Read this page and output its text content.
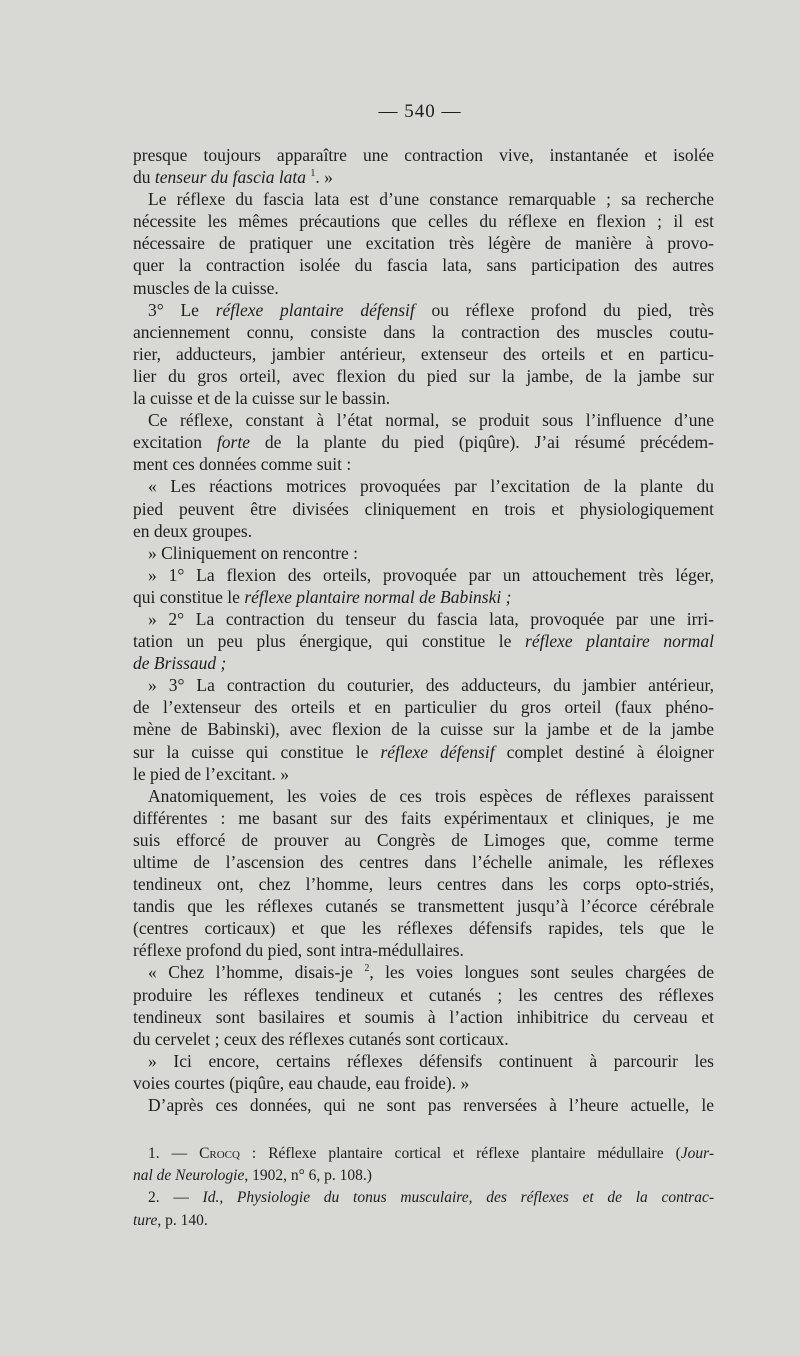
— 540 —
presque toujours apparaître une contraction vive, instantanée et isolée
du tenseur du fascia lata $^1$. »
Le réflexe du fascia lata est d’une constance remarquable ; sa recherche
nécessite les mêmes précautions que celles du réflexe en flexion ; il est
nécessaire de pratiquer une excitation très légère de manière à provo-
quer la contraction isolée du fascia lata, sans participation des autres
muscles de la cuisse.
3° Le réflexe plantaire défensif ou réflexe profond du pied, très
anciennement connu, consiste dans la contraction des muscles coutu-
rier, adducteurs, jambier antérieur, extenseur des orteils et en particu-
lier du gros orteil, avec flexion du pied sur la jambe, de la jambe sur
la cuisse et de la cuisse sur le bassin.
Ce réflexe, constant à l’état normal, se produit sous l’influence d’une
excitation forte de la plante du pied (piqûre). J’ai résumé précédem-
ment ces données comme suit :
« Les réactions motrices provoquées par l’excitation de la plante du
pied peuvent être divisées cliniquement en trois et physiologiquement
en deux groupes.
» Cliniquement on rencontre :
» 1° La flexion des orteils, provoquée par un attouchement très léger,
qui constitue le réflexe plantaire normal de Babinski ;
» 2° La contraction du tenseur du fascia lata, provoquée par une irri-
tation un peu plus énergique, qui constitue le réflexe plantaire normal
de Brissaud ;
» 3° La contraction du couturier, des adducteurs, du jambier antérieur,
de l’extenseur des orteils et en particulier du gros orteil (faux phéno-
mène de Babinski), avec flexion de la cuisse sur la jambe et de la jambe
sur la cuisse qui constitue le réflexe défensif complet destiné à éloigner
le pied de l’excitant. »
Anatomiquement, les voies de ces trois espèces de réflexes paraissent
différentes : me basant sur des faits expérimentaux et cliniques, je me
suis efforcé de prouver au Congrès de Limoges que, comme terme
ultime de l’ascension des centres dans l’échelle animale, les réflexes
tendineux ont, chez l’homme, leurs centres dans les corps opto-striés,
tandis que les réflexes cutanés se transmettent jusqu’à l’écorce cérébrale
(centres corticaux) et que les réflexes défensifs rapides, tels que le
réflexe profond du pied, sont intra-médullaires.
« Chez l’homme, disais-je $^2$, les voies longues sont seules chargées de
produire les réflexes tendineux et cutanés ; les centres des réflexes
tendineux sont basilaires et soumis à l’action inhibitrice du cerveau et
du cervelet ; ceux des réflexes cutanés sont corticaux.
» Ici encore, certains réflexes défensifs continuent à parcourir les
voies courtes (piqûre, eau chaude, eau froide). »
D’après ces données, qui ne sont pas renversées à l’heure actuelle, le
1. — Crocq : Réflexe plantaire cortical et réflexe plantaire médullaire (Jour-
nal de Neurologie, 1902, n° 6, p. 108.)
2. — Id., Physiologie du tonus musculaire, des réflexes et de la contrac-
ture, p. 140.
